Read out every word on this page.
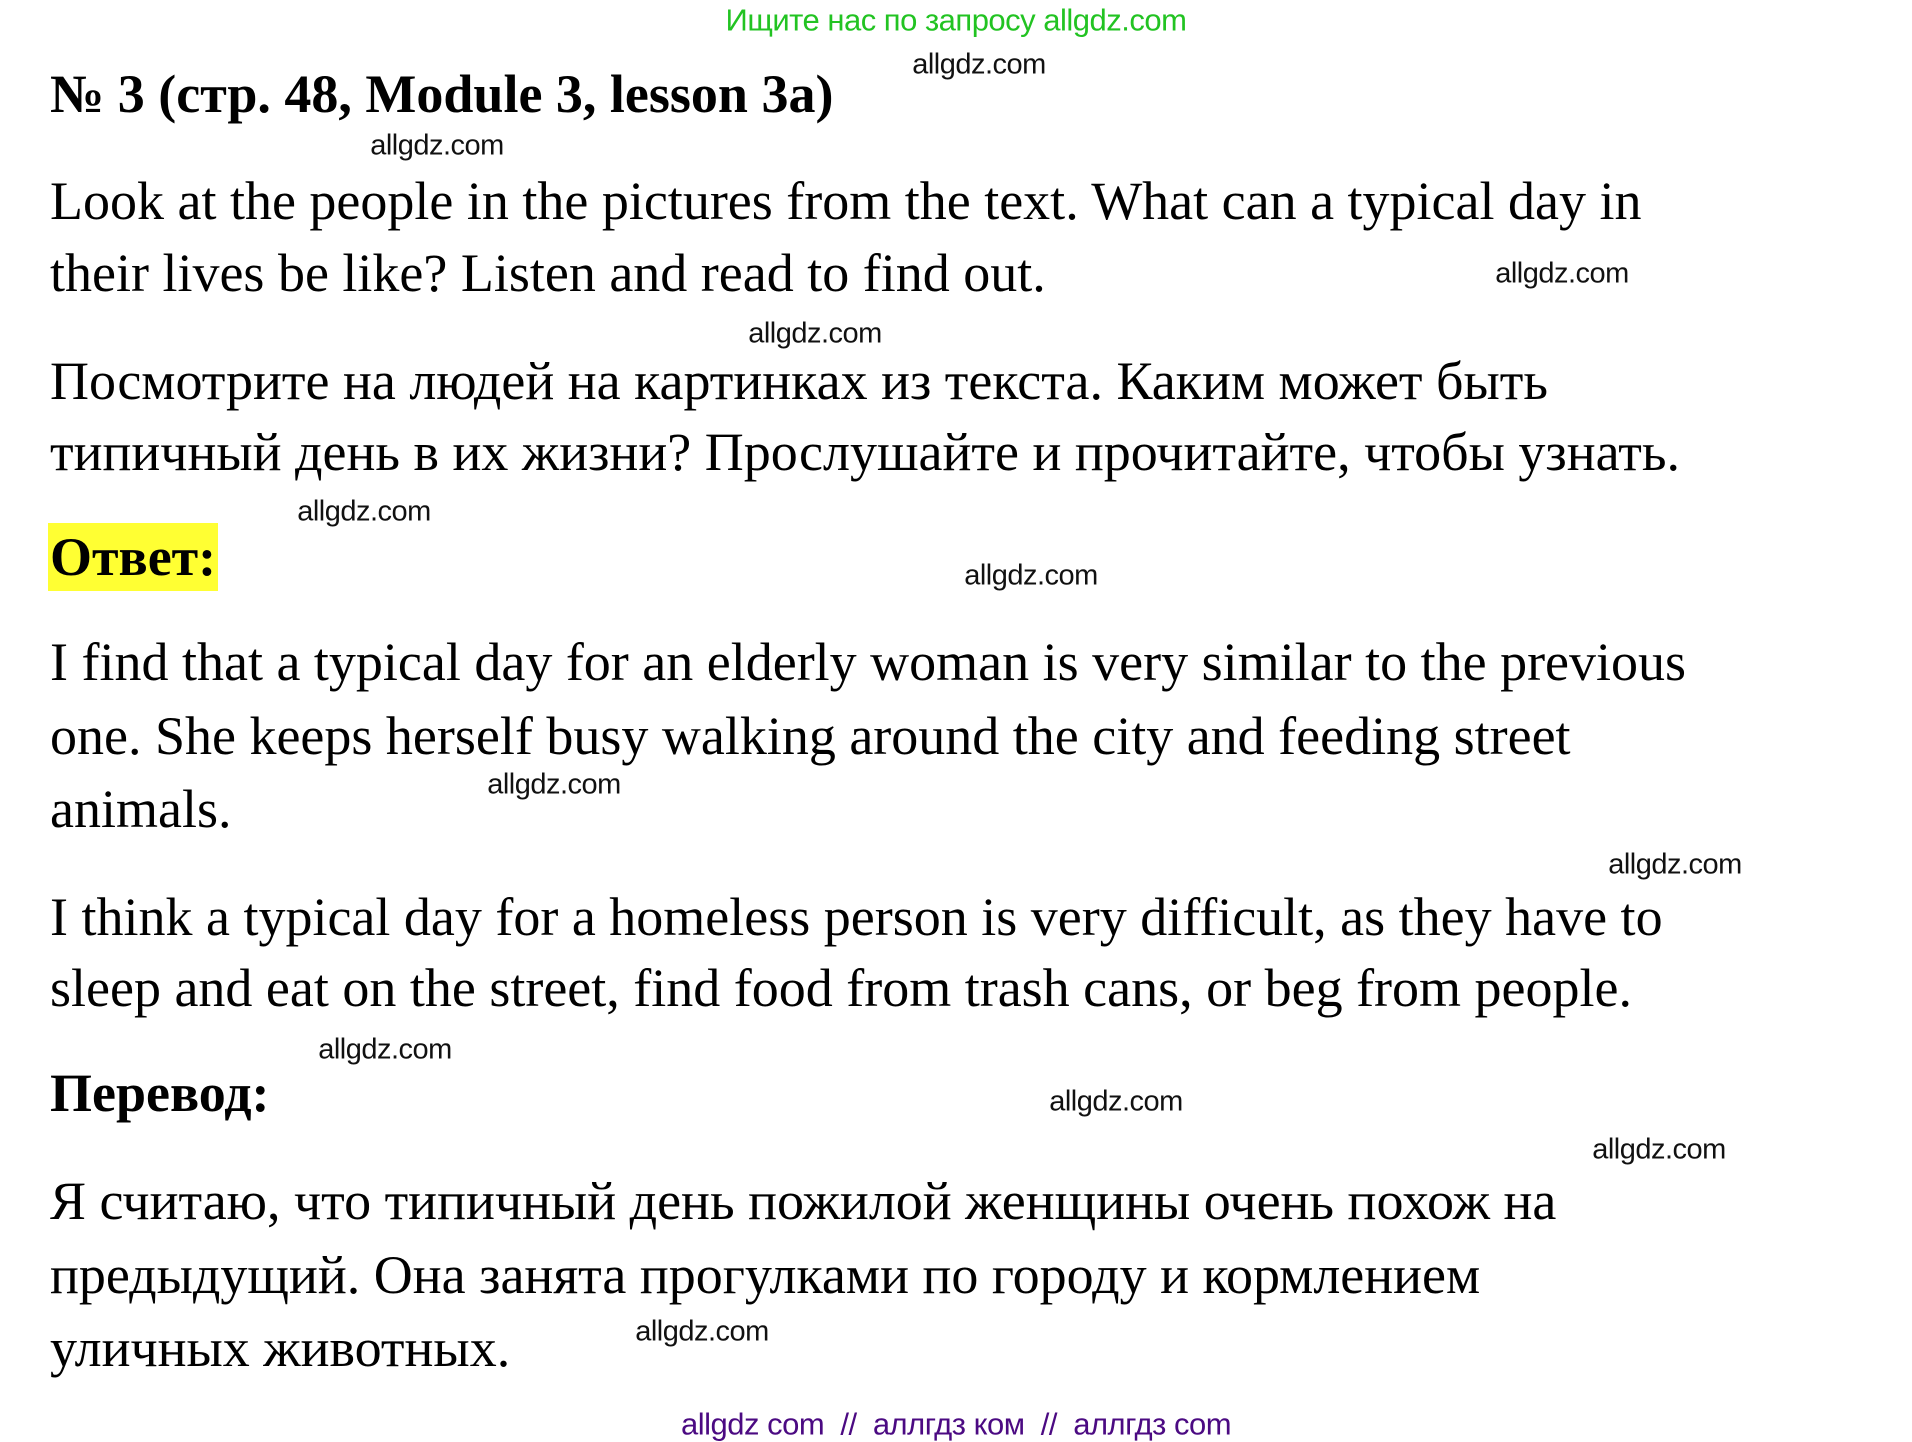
Ищите нас по запросу allgdz.com
№ 3 (стр. 48, Module 3, lesson 3a)
Look at the people in the pictures from the text. What can a typical day in
their lives be like? Listen and read to find out.
Посмотрите на людей на картинках из текста. Каким может быть
типичный день в их жизни? Прослушайте и прочитайте, чтобы узнать.
Ответ:
I find that a typical day for an elderly woman is very similar to the previous
one. She keeps herself busy walking around the city and feeding street
animals.
I think a typical day for a homeless person is very difficult, as they have to
sleep and eat on the street, find food from trash cans, or beg from people.
Перевод:
Я считаю, что типичный день пожилой женщины очень похож на
предыдущий. Она занята прогулками по городу и кормлением
уличных животных.
allgdz.com
allgdz.com
allgdz.com
allgdz.com
allgdz.com
allgdz.com
allgdz.com
allgdz.com
allgdz.com
allgdz.com
allgdz.com
allgdz.com
allgdz com  //  аллгдз ком  //  аллгдз com
